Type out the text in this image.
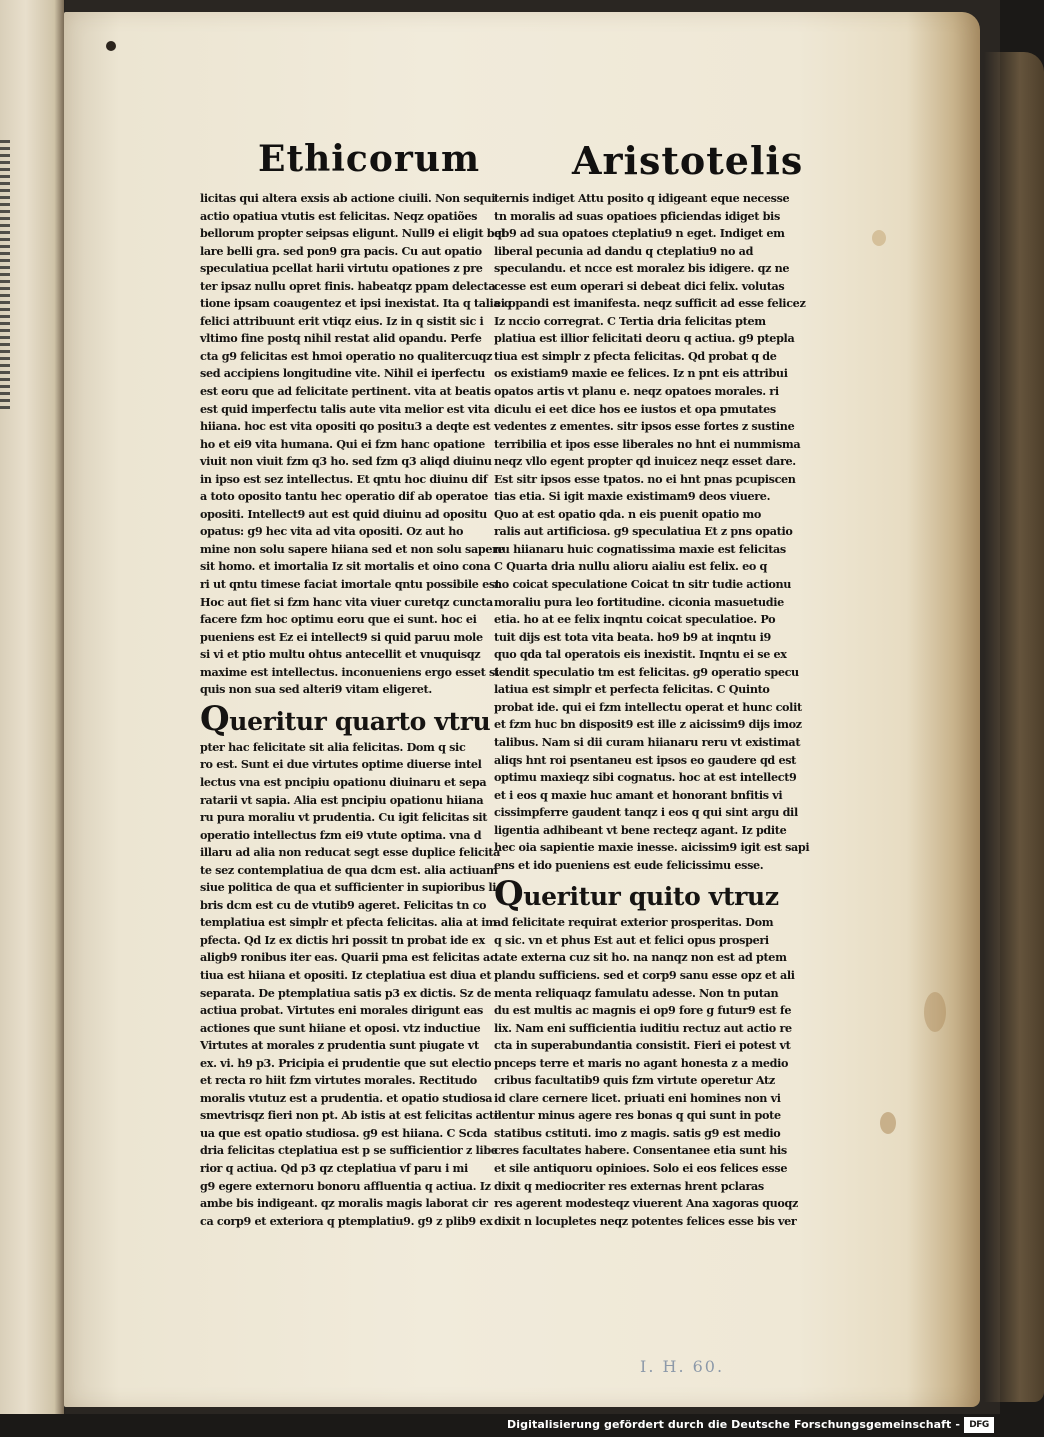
Ethicorum Aristotelis
licitas qui altera exsis ab actione ciuili. Non sequi
actio opatiua vtutis est felicitas. Neqz opatiões
bellorum propter seipsas eligunt. Null9 ei eligit bel
lare belli gra. sed pon9 gra pacis. Cu aut opatio
speculatiua pcellat harii virtutu opationes z pre
ter ipsaz nullu opret finis. habeatqz ppam delecta
tione ipsam coaugentez et ipsi inexistat. Ita q talia q
felici attribuunt erit vtiqz eius. Iz in q sistit sic i
vltimo fine postq nihil restat alid opandu. Perfe
cta g9 felicitas est hmoi operatio no qualitercuqz
sed accipiens longitudine vite. Nihil ei iperfectu
est eoru que ad felicitate pertinent. vita at beatis
est quid imperfectu talis aute vita melior est vita
hiiana. hoc est vita opositi qo positu3 a deqte est
ho et ei9 vita humana. Qui ei fzm hanc opatione
viuit non viuit fzm q3 ho. sed fzm q3 aliqd diuinu
in ipso est sez intellectus. Et qntu hoc diuinu dif
a toto oposito tantu hec operatio dif ab operatoe
opositi. Intellect9 aut est quid diuinu ad opositu
opatus: g9 hec vita ad vita opositi. Oz aut ho
mine non solu sapere hiiana sed et non solu sapere
sit homo. et imortalia Iz sit mortalis et oino cona
ri ut qntu timese faciat imortale qntu possibile est
Hoc aut fiet si fzm hanc vita viuer curetqz cuncta
facere fzm hoc optimu eoru que ei sunt. hoc ei
pueniens est Ez ei intellect9 si quid paruu mole
si vi et ptio multu ohtus antecellit et vnuquisqz
maxime est intellectus. inconueniens ergo esset si
quis non sua sed alteri9 vitam eligeret.
Queritur quarto vtru
pter hac felicitate sit alia felicitas. Dom q sic
ro est. Sunt ei due virtutes optime diuerse intel
lectus vna est pncipiu opationu diuinaru et sepa
ratarii vt sapia. Alia est pncipiu opationu hiiana
ru pura moraliu vt prudentia. Cu igit felicitas sit
operatio intellectus fzm ei9 vtute optima. vna d
illaru ad alia non reducat segt esse duplice felicita
te sez contemplatiua de qua dcm est. alia actiuam
siue politica de qua et sufficienter in supioribus li
bris dcm est cu de vtutib9 ageret. Felicitas tn co
templatiua est simplr et pfecta felicitas. alia at im
pfecta. Qd Iz ex dictis hri possit tn probat ide ex
aligb9 ronibus iter eas. Quarii pma est felicitas ac
tiua est hiiana et opositi. Iz cteplatiua est diua et
separata. De ptemplatiua satis p3 ex dictis. Sz de
actiua probat. Virtutes eni morales dirigunt eas
actiones que sunt hiiane et oposi. vtz inductiue
Virtutes at morales z prudentia sunt piugate vt
ex. vi. h9 p3. Pricipia ei prudentie que sut electio
et recta ro hiit fzm virtutes morales. Rectitudo
moralis vtutuz est a prudentia. et opatio studiosa
smevtrisqz fieri non pt. Ab istis at est felicitas acti
ua que est opatio studiosa. g9 est hiiana. C Scda
dria felicitas cteplatiua est p se sufficientior z libe
rior q actiua. Qd p3 qz cteplatiua vf paru i mi
g9 egere externoru bonoru affluentia q actiua. Iz
ambe bis indigeant. qz moralis magis laborat cir
ca corp9 et exteriora q ptemplatiu9. g9 z plib9 ex
ternis indiget Attu posito q idigeant eque necesse
tn moralis ad suas opatioes pficiendas idiget bis
qb9 ad sua opatoes cteplatiu9 n eget. Indiget em
liberal pecunia ad dandu q cteplatiu9 no ad
speculandu. et ncce est moralez bis idigere. qz ne
cesse est eum operari si debeat dici felix. volutas
ei opandi est imanifesta. neqz sufficit ad esse felicez
Iz nccio corregrat. C Tertia dria felicitas ptem
platiua est illior felicitati deoru q actiua. g9 ptepla
tiua est simplr z pfecta felicitas. Qd probat q de
os existiam9 maxie ee felices. Iz n pnt eis attribui
opatos artis vt planu e. neqz opatoes morales. ri
diculu ei eet dice hos ee iustos et opa pmutates
vedentes z ementes. sitr ipsos esse fortes z sustine
terribilia et ipos esse liberales no hnt ei nummisma
neqz vllo egent propter qd inuicez neqz esset dare.
Est sitr ipsos esse tpatos. no ei hnt pnas pcupiscen
tias etia. Si igit maxie existimam9 deos viuere.
Quo at est opatio qda. n eis puenit opatio mo
ralis aut artificiosa. g9 speculatiua Et z pns opatio
nu hiianaru huic cognatissima maxie est felicitas
C Quarta dria nullu alioru aialiu est felix. eo q
no coicat speculatione Coicat tn sitr tudie actionu
moraliu pura leo fortitudine. ciconia masuetudie
etia. ho at ee felix inqntu coicat speculatioe. Po
tuit dijs est tota vita beata. ho9 b9 at inqntu i9
quo qda tal operatois eis inexistit. Inqntu ei se ex
tendit speculatio tm est felicitas. g9 operatio specu
latiua est simplr et perfecta felicitas. C Quinto
probat ide. qui ei fzm intellectu operat et hunc colit
et fzm huc bn disposit9 est ille z aicissim9 dijs imoz
talibus. Nam si dii curam hiianaru reru vt existimat
aliqs hnt roi psentaneu est ipsos eo gaudere qd est
optimu maxieqz sibi cognatus. hoc at est intellect9
et i eos q maxie huc amant et honorant bnfitis vi
cissimpferre gaudent tanqz i eos q qui sint argu dil
ligentia adhibeant vt bene recteqz agant. Iz pdite
hec oia sapientie maxie inesse. aicissim9 igit est sapi
ens et ido pueniens est eude felicissimu esse.
Queritur quito vtruz
ad felicitate requirat exterior prosperitas. Dom
q sic. vn et phus Est aut et felici opus prosperi
tate externa cuz sit ho. na nanqz non est ad ptem
plandu sufficiens. sed et corp9 sanu esse opz et ali
menta reliquaqz famulatu adesse. Non tn putan
du est multis ac magnis ei op9 fore g futur9 est fe
lix. Nam eni sufficientia iuditiu rectuz aut actio re
cta in superabundantia consistit. Fieri ei potest vt
pnceps terre et maris no agant honesta z a medio
cribus facultatib9 quis fzm virtute operetur Atz
id clare cernere licet. priuati eni homines non vi
dentur minus agere res bonas q qui sunt in pote
statibus cstituti. imo z magis. satis g9 est medio
cres facultates habere. Consentanee etia sunt his
et sile antiquoru opinioes. Solo ei eos felices esse
dixit q mediocriter res externas hrent pclaras
res agerent modesteqz viuerent Ana xagoras quoqz
dixit n locupletes neqz potentes felices esse bis ver
I. H. 60.
Digitalisierung gefördert durch die Deutsche Forschungsgemeinschaft -	DFG
